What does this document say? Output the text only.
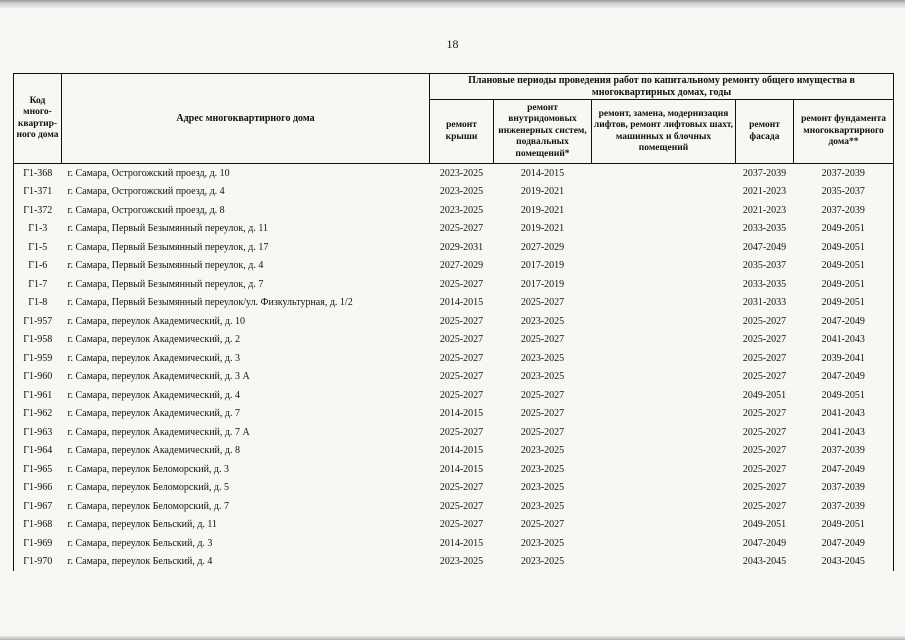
18
Код много-квартир-ного дома	Адрес многоквартирного дома	Плановые периоды проведения работ по капитальному ремонту общего имущества в многоквартирных домах, годы				
		ремонт крыши	ремонт внутридомовых инженерных систем, подвальных помещений*	ремонт, замена, модернизация лифтов, ремонт лифтовых шахт, машинных и блочных помещений	ремонт фасада	ремонт фундамента многоквартирного дома**
Г1-368	г. Самара, Острогожский проезд, д. 10	2023-2025	2014-2015		2037-2039	2037-2039
Г1-371	г. Самара, Острогожский проезд, д. 4	2023-2025	2019-2021		2021-2023	2035-2037
Г1-372	г. Самара, Острогожский проезд, д. 8	2023-2025	2019-2021		2021-2023	2037-2039
Г1-3	г. Самара, Первый Безымянный переулок, д. 11	2025-2027	2019-2021		2033-2035	2049-2051
Г1-5	г. Самара, Первый Безымянный переулок, д. 17	2029-2031	2027-2029		2047-2049	2049-2051
Г1-6	г. Самара, Первый Безымянный переулок, д. 4	2027-2029	2017-2019		2035-2037	2049-2051
Г1-7	г. Самара, Первый Безымянный переулок, д. 7	2025-2027	2017-2019		2033-2035	2049-2051
Г1-8	г. Самара, Первый Безымянный переулок/ул. Физкультурная, д. 1/2	2014-2015	2025-2027		2031-2033	2049-2051
Г1-957	г. Самара, переулок Академический, д. 10	2025-2027	2023-2025		2025-2027	2047-2049
Г1-958	г. Самара, переулок Академический, д. 2	2025-2027	2025-2027		2025-2027	2041-2043
Г1-959	г. Самара, переулок Академический, д. 3	2025-2027	2023-2025		2025-2027	2039-2041
Г1-960	г. Самара, переулок Академический, д. 3 А	2025-2027	2023-2025		2025-2027	2047-2049
Г1-961	г. Самара, переулок Академический, д. 4	2025-2027	2025-2027		2049-2051	2049-2051
Г1-962	г. Самара, переулок Академический, д. 7	2014-2015	2025-2027		2025-2027	2041-2043
Г1-963	г. Самара, переулок Академический, д. 7 А	2025-2027	2025-2027		2025-2027	2041-2043
Г1-964	г. Самара, переулок Академический, д. 8	2014-2015	2023-2025		2025-2027	2037-2039
Г1-965	г. Самара, переулок Беломорский, д. 3	2014-2015	2023-2025		2025-2027	2047-2049
Г1-966	г. Самара, переулок Беломорский, д. 5	2025-2027	2023-2025		2025-2027	2037-2039
Г1-967	г. Самара, переулок Беломорский, д. 7	2025-2027	2023-2025		2025-2027	2037-2039
Г1-968	г. Самара, переулок Бельский, д. 11	2025-2027	2025-2027		2049-2051	2049-2051
Г1-969	г. Самара, переулок Бельский, д. 3	2014-2015	2023-2025		2047-2049	2047-2049
Г1-970	г. Самара, переулок Бельский, д. 4	2023-2025	2023-2025		2043-2045	2043-2045
